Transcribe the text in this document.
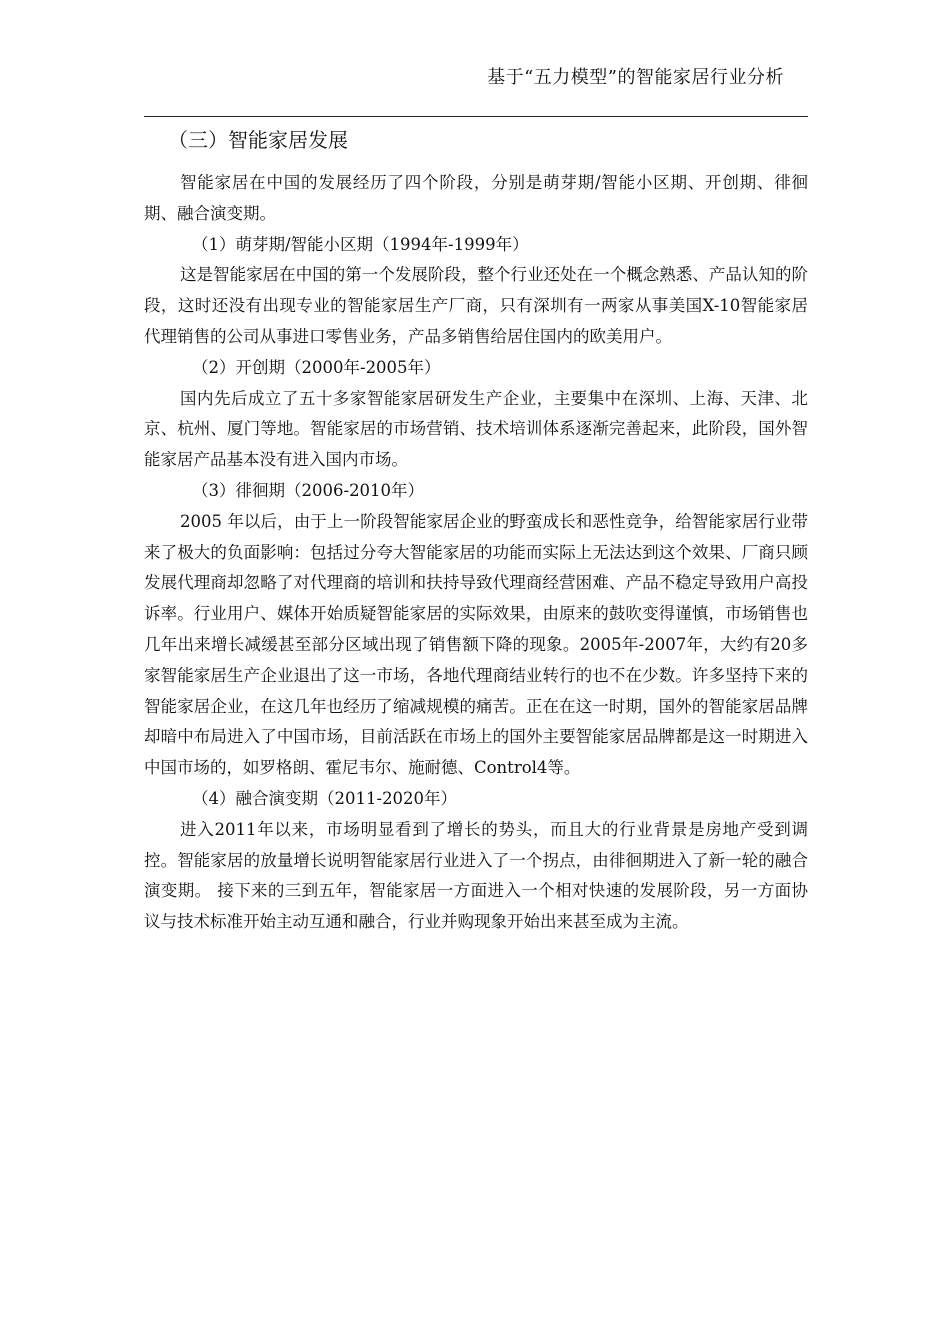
基于“五力模型”的智能家居行业分析
（三）智能家居发展

智能家居在中国的发展经历了四个阶段，分别是萌芽期/智能小区期、开创期、徘徊期、融合演变期。

（1）萌芽期/智能小区期（1994年-1999年）

这是智能家居在中国的第一个发展阶段，整个行业还处在一个概念熟悉、产品认知的阶段，这时还没有出现专业的智能家居生产厂商，只有深圳有一两家从事美国X-10智能家居代理销售的公司从事进口零售业务，产品多销售给居住国内的欧美用户。

（2）开创期（2000年-2005年）

国内先后成立了五十多家智能家居研发生产企业，主要集中在深圳、上海、天津、北京、杭州、厦门等地。智能家居的市场营销、技术培训体系逐渐完善起来，此阶段，国外智能家居产品基本没有进入国内市场。

（3）徘徊期（2006-2010年）

2005 年以后，由于上一阶段智能家居企业的野蛮成长和恶性竞争，给智能家居行业带来了极大的负面影响：包括过分夸大智能家居的功能而实际上无法达到这个效果、厂商只顾发展代理商却忽略了对代理商的培训和扶持导致代理商经营困难、产品不稳定导致用户高投诉率。行业用户、媒体开始质疑智能家居的实际效果，由原来的鼓吹变得谨慎，市场销售也几年出来增长减缓甚至部分区域出现了销售额下降的现象。2005年-2007年，大约有20多家智能家居生产企业退出了这一市场，各地代理商结业转行的也不在少数。许多坚持下来的智能家居企业，在这几年也经历了缩减规模的痛苦。正在在这一时期，国外的智能家居品牌却暗中布局进入了中国市场，目前活跃在市场上的国外主要智能家居品牌都是这一时期进入中国市场的，如罗格朗、霍尼韦尔、施耐德、Control4等。

（4）融合演变期（2011-2020年）

进入2011年以来，市场明显看到了增长的势头，而且大的行业背景是房地产受到调控。智能家居的放量增长说明智能家居行业进入了一个拐点，由徘徊期进入了新一轮的融合演变期。 接下来的三到五年，智能家居一方面进入一个相对快速的发展阶段，另一方面协议与技术标准开始主动互通和融合，行业并购现象开始出来甚至成为主流。
